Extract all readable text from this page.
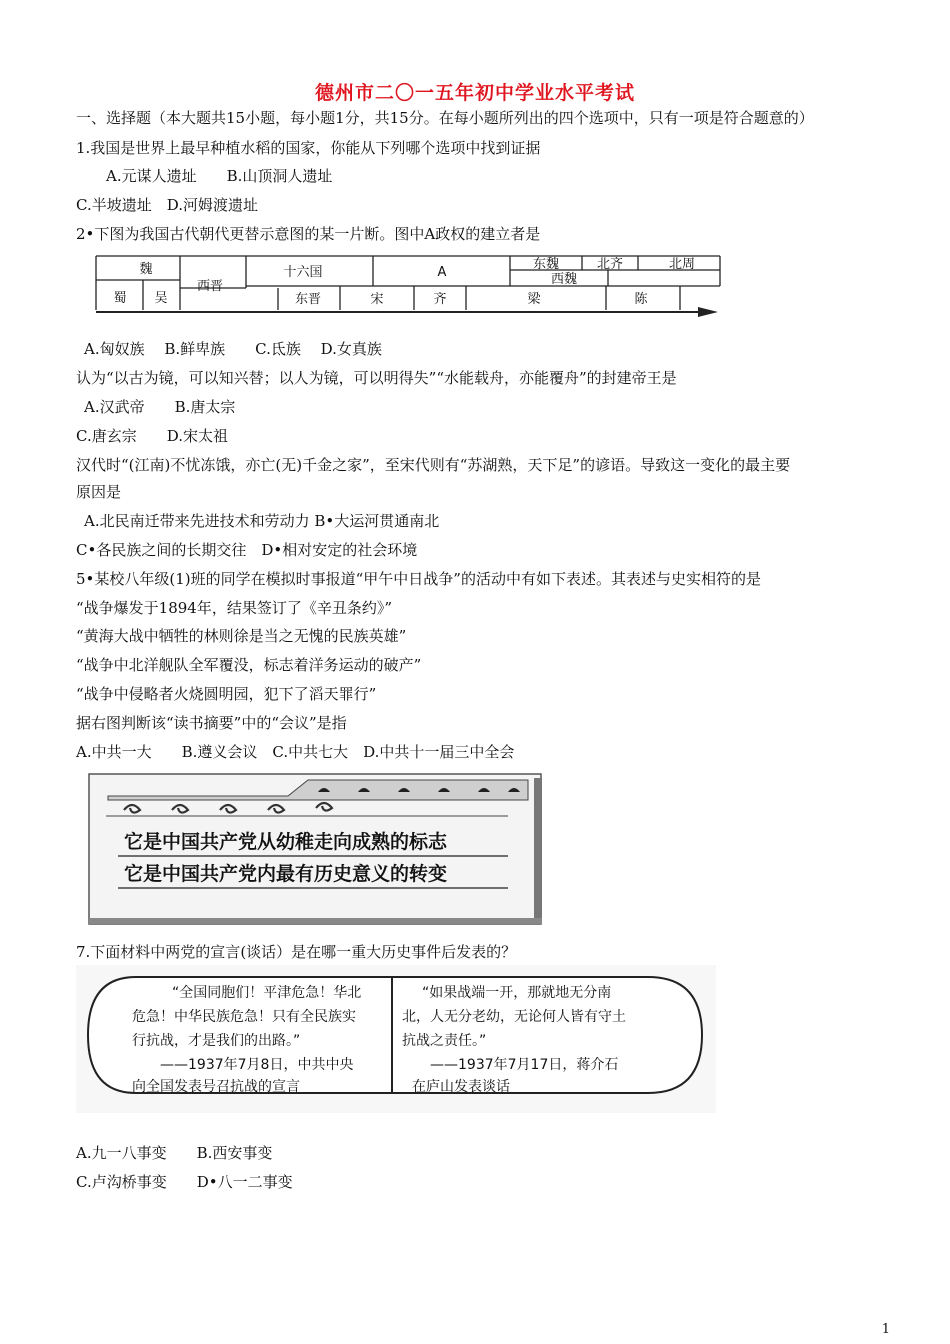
德州市二〇一五年初中学业水平考试
一、选择题（本大题共15小题，每小题1分，共15分。在每小题所列出的四个选项中，只有一项是符合题意的）
1.我国是世界上最早种植水稻的国家，你能从下列哪个选项中找到证据
A.元谋人遗址　　B.山顶洞人遗址
C.半坡遗址　D.河姆渡遗址
2•下图为我国古代朝代更替示意图的某一片断。图中A政权的建立者是
魏
蜀 吴
西晋
十六国	A
东魏	北齐	北周
西魏
东晋	宋	齐	梁	陈
A.匈奴族　 B.鲜卑族　　C.氐族　 D.女真族
认为“以古为镜，可以知兴替；以人为镜，可以明得失”“水能载舟，亦能覆舟”的封建帝王是
A.汉武帝　　B.唐太宗
C.唐玄宗　　D.宋太祖
汉代时“(江南)不忧冻饿，亦亡(无)千金之家”，至宋代则有“苏湖熟，天下足”的谚语。导致这一变化的最主要
原因是
A.北民南迁带来先进技术和劳动力 B•大运河贯通南北
C•各民族之间的长期交往　D•相对安定的社会环境
5•某校八年级(1)班的同学在模拟时事报道“甲午中日战争”的活动中有如下表述。其表述与史实相符的是
“战争爆发于1894年，结果签订了《辛丑条约》”
“黄海大战中牺牲的林则徐是当之无愧的民族英雄”
“战争中北洋舰队全军覆没，标志着洋务运动的破产”
“战争中侵略者火烧圆明园，犯下了滔天罪行”
据右图判断该“读书摘要”中的“会议”是指
A.中共一大　　B.遵义会议　C.中共七大　D.中共十一届三中全会
它是中国共产党从幼稚走向成熟的标志
它是中国共产党内最有历史意义的转变
7.下面材料中两党的宣言(谈话）是在哪一重大历史事件后发表的？
“全国同胞们！平津危急！华北
危急！中华民族危急！只有全民族实
行抗战，才是我们的出路。”
——1937年7月8日，中共中央
向全国发表号召抗战的宣言
“如果战端一开，那就地无分南
北，人无分老幼，无论何人皆有守土
抗战之责任。”
——1937年7月17日，蒋介石
在庐山发表谈话
A.九一八事变　　B.西安事变
C.卢沟桥事变　　D•八一二事变
1
